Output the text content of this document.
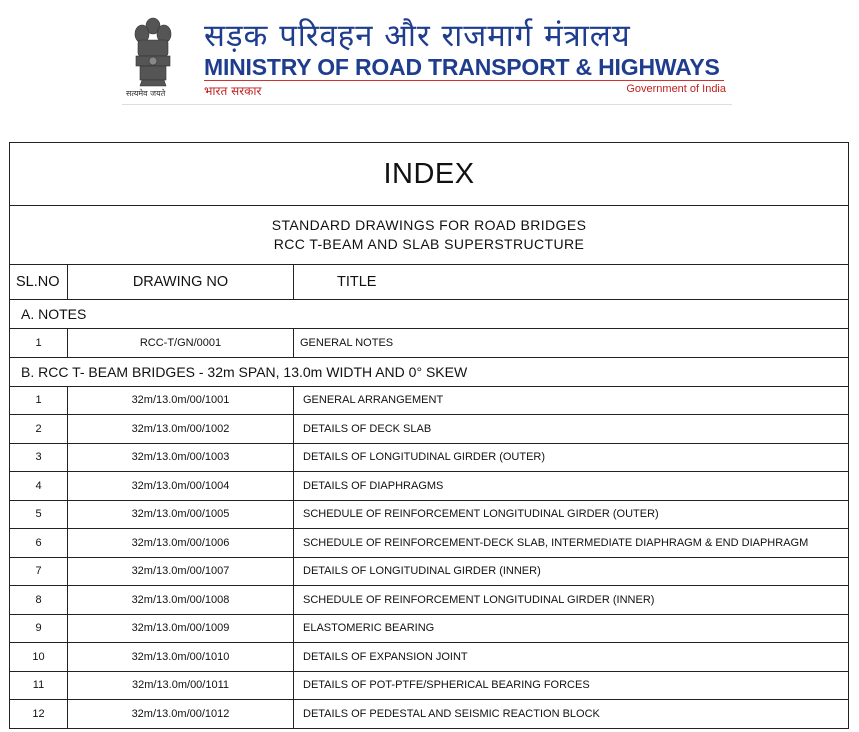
सत्यमेव जयते
सड़क परिवहन और राजमार्ग मंत्रालय
MINISTRY OF ROAD TRANSPORT & HIGHWAYS
भारत सरकार	Government of India
INDEX		

STANDARD DRAWINGS FOR ROAD BRIDGES
RCC T-BEAM AND SLAB SUPERSTRUCTURE		

SL.NO	DRAWING NO	TITLE
A. NOTES		
1	RCC-T/GN/0001	GENERAL NOTES
B. RCC T- BEAM BRIDGES - 32m SPAN, 13.0m WIDTH AND 0° SKEW		
1	32m/13.0m/00/1001	GENERAL ARRANGEMENT
2	32m/13.0m/00/1002	DETAILS OF DECK SLAB
3	32m/13.0m/00/1003	DETAILS OF LONGITUDINAL GIRDER (OUTER)
4	32m/13.0m/00/1004	DETAILS OF DIAPHRAGMS
5	32m/13.0m/00/1005	SCHEDULE OF REINFORCEMENT LONGITUDINAL GIRDER (OUTER)
6	32m/13.0m/00/1006	SCHEDULE OF REINFORCEMENT-DECK SLAB, INTERMEDIATE DIAPHRAGM & END DIAPHRAGM
7	32m/13.0m/00/1007	DETAILS OF LONGITUDINAL GIRDER (INNER)
8	32m/13.0m/00/1008	SCHEDULE OF REINFORCEMENT LONGITUDINAL GIRDER (INNER)
9	32m/13.0m/00/1009	ELASTOMERIC BEARING
10	32m/13.0m/00/1010	DETAILS OF EXPANSION JOINT
11	32m/13.0m/00/1011	DETAILS OF POT-PTFE/SPHERICAL BEARING FORCES
12	32m/13.0m/00/1012	DETAILS OF PEDESTAL AND SEISMIC REACTION BLOCK
